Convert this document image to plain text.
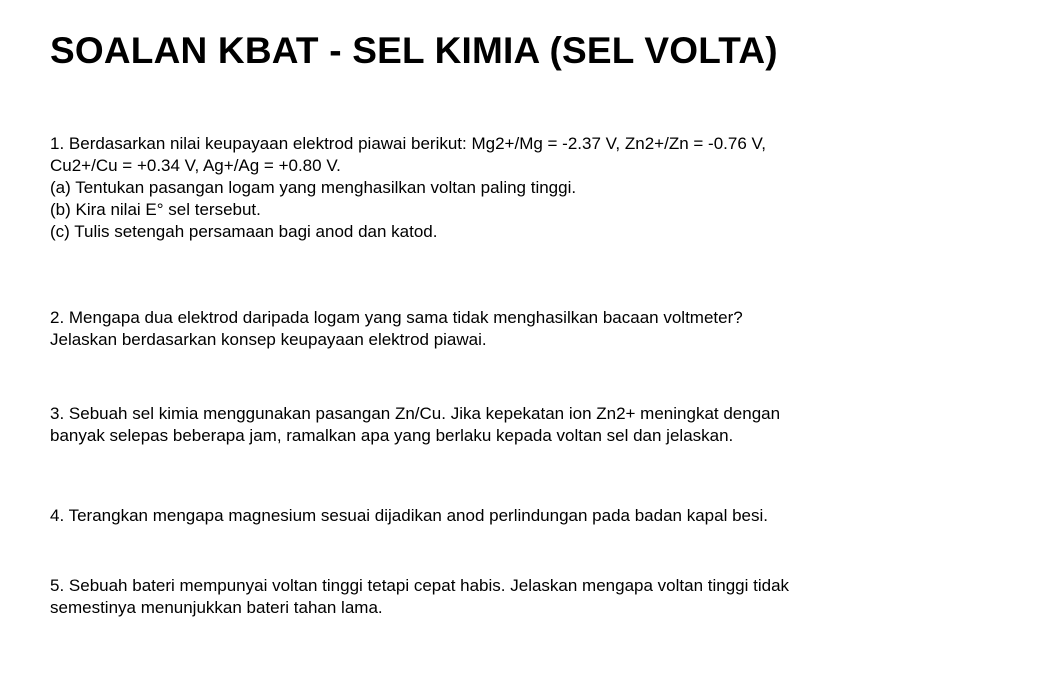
SOALAN KBAT - SEL KIMIA (SEL VOLTA)
1. Berdasarkan nilai keupayaan elektrod piawai berikut: Mg2+/Mg = -2.37 V, Zn2+/Zn = -0.76 V,
Cu2+/Cu = +0.34 V, Ag+/Ag = +0.80 V.
(a) Tentukan pasangan logam yang menghasilkan voltan paling tinggi.
(b) Kira nilai E° sel tersebut.
(c) Tulis setengah persamaan bagi anod dan katod.
2. Mengapa dua elektrod daripada logam yang sama tidak menghasilkan bacaan voltmeter?
Jelaskan berdasarkan konsep keupayaan elektrod piawai.
3. Sebuah sel kimia menggunakan pasangan Zn/Cu. Jika kepekatan ion Zn2+ meningkat dengan
banyak selepas beberapa jam, ramalkan apa yang berlaku kepada voltan sel dan jelaskan.
4. Terangkan mengapa magnesium sesuai dijadikan anod perlindungan pada badan kapal besi.
5. Sebuah bateri mempunyai voltan tinggi tetapi cepat habis. Jelaskan mengapa voltan tinggi tidak
semestinya menunjukkan bateri tahan lama.
